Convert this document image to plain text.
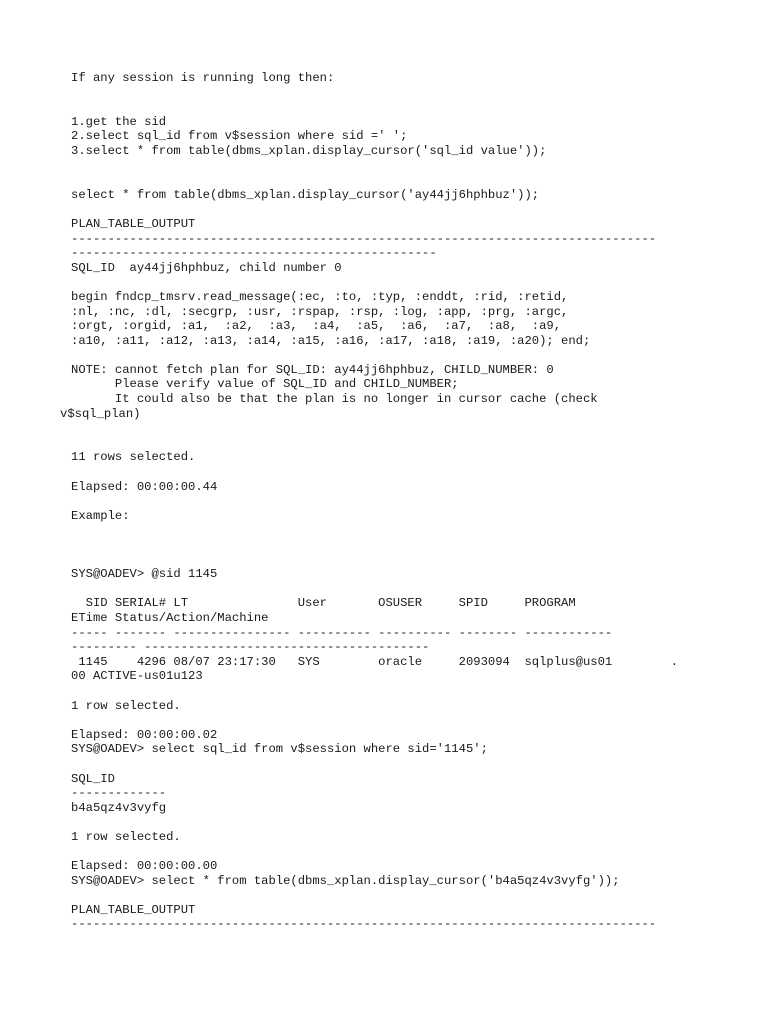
If any session is running long then:
1.get the sid
2.select sql_id from v$session where sid =' ';
3.select * from table(dbms_xplan.display_cursor('sql_id value'));
select * from table(dbms_xplan.display_cursor('ay44jj6hphbuz'));
PLAN_TABLE_OUTPUT
--------------------------------------------------------------------------------
--------------------------------------------------
SQL_ID  ay44jj6hphbuz, child number 0
begin fndcp_tmsrv.read_message(:ec, :to, :typ, :enddt, :rid, :retid,
:nl, :nc, :dl, :secgrp, :usr, :rspap, :rsp, :log, :app, :prg, :argc,
:orgt, :orgid, :a1,  :a2,  :a3,  :a4,  :a5,  :a6,  :a7,  :a8,  :a9,
:a10, :a11, :a12, :a13, :a14, :a15, :a16, :a17, :a18, :a19, :a20); end;
NOTE: cannot fetch plan for SQL_ID: ay44jj6hphbuz, CHILD_NUMBER: 0
Please verify value of SQL_ID and CHILD_NUMBER;
It could also be that the plan is no longer in cursor cache (check
v$sql_plan)
11 rows selected.
Elapsed: 00:00:00.44
Example:
SYS@OADEV> @sid 1145
SID SERIAL# LT               User       OSUSER     SPID     PROGRAM
ETime Status/Action/Machine
----- ------- ---------------- ---------- ---------- -------- ------------
--------- ---------------------------------------
1145    4296 08/07 23:17:30   SYS        oracle     2093094  sqlplus@us01        .
00 ACTIVE-us01u123
1 row selected.
Elapsed: 00:00:00.02
SYS@OADEV> select sql_id from v$session where sid='1145';
SQL_ID
-------------
b4a5qz4v3vyfg
1 row selected.
Elapsed: 00:00:00.00
SYS@OADEV> select * from table(dbms_xplan.display_cursor('b4a5qz4v3vyfg'));
PLAN_TABLE_OUTPUT
--------------------------------------------------------------------------------
